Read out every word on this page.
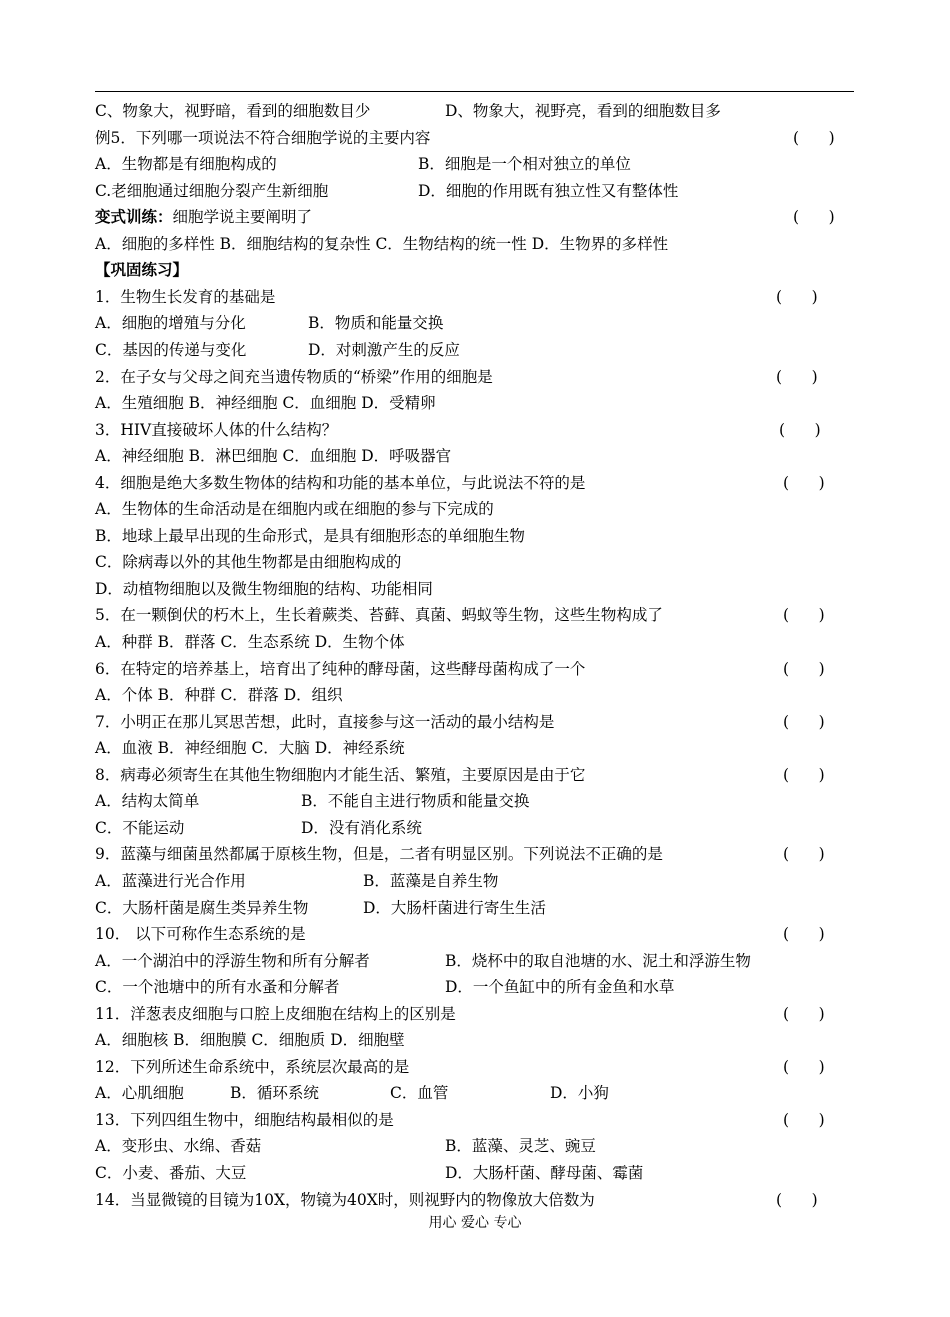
C、物象大，视野暗，看到的细胞数目少	D、物象大，视野亮，看到的细胞数目多
例5．下列哪一项说法不符合细胞学说的主要内容	(      )
A．生物都是有细胞构成的	B．细胞是一个相对独立的单位
C.老细胞通过细胞分裂产生新细胞	D．细胞的作用既有独立性又有整体性
变式训练：细胞学说主要阐明了	(      )
A．细胞的多样性 B．细胞结构的复杂性 C．生物结构的统一性 D．生物界的多样性
【巩固练习】
1．生物生长发育的基础是	(      )
A．细胞的增殖与分化	B．物质和能量交换
C．基因的传递与变化	D．对刺激产生的反应
2．在子女与父母之间充当遗传物质的“桥梁”作用的细胞是	(      )
A．生殖细胞 B．神经细胞 C．血细胞 D．受精卵
3．HIV直接破坏人体的什么结构？	(      )
A．神经细胞 B．淋巴细胞 C．血细胞 D．呼吸器官
4．细胞是绝大多数生物体的结构和功能的基本单位，与此说法不符的是	(      )
A．生物体的生命活动是在细胞内或在细胞的参与下完成的
B．地球上最早出现的生命形式，是具有细胞形态的单细胞生物
C．除病毒以外的其他生物都是由细胞构成的
D．动植物细胞以及微生物细胞的结构、功能相同
5．在一颗倒伏的朽木上，生长着蕨类、苔藓、真菌、蚂蚁等生物，这些生物构成了	(      )
A．种群 B．群落 C．生态系统 D．生物个体
6．在特定的培养基上，培育出了纯种的酵母菌，这些酵母菌构成了一个	(      )
A．个体 B．种群 C．群落 D．组织
7．小明正在那儿冥思苦想，此时，直接参与这一活动的最小结构是	(      )
A．血液 B．神经细胞 C．大脑 D．神经系统
8．病毒必须寄生在其他生物细胞内才能生活、繁殖，主要原因是由于它	(      )
A．结构太简单	B．不能自主进行物质和能量交换
C．不能运动	D．没有消化系统
9．蓝藻与细菌虽然都属于原核生物，但是，二者有明显区别。下列说法不正确的是	(      )
A．蓝藻进行光合作用	B．蓝藻是自养生物
C．大肠杆菌是腐生类异养生物	D．大肠杆菌进行寄生生活
10． 以下可称作生态系统的是	(      )
A．一个湖泊中的浮游生物和所有分解者	B．烧杯中的取自池塘的水、泥土和浮游生物
C．一个池塘中的所有水蚤和分解者	D．一个鱼缸中的所有金鱼和水草
11．洋葱表皮细胞与口腔上皮细胞在结构上的区别是	(      )
A．细胞核 B．细胞膜 C．细胞质 D．细胞壁
12．下列所述生命系统中，系统层次最高的是	(      )
A．心肌细胞	B．循环系统	C．血管	D．小狗
13．下列四组生物中，细胞结构最相似的是	(      )
A．变形虫、水绵、香菇	B．蓝藻、灵芝、豌豆
C．小麦、番茄、大豆	D．大肠杆菌、酵母菌、霉菌
14．当显微镜的目镜为10X，物镜为40X时，则视野内的物像放大倍数为	(      )
用心 爱心 专心
